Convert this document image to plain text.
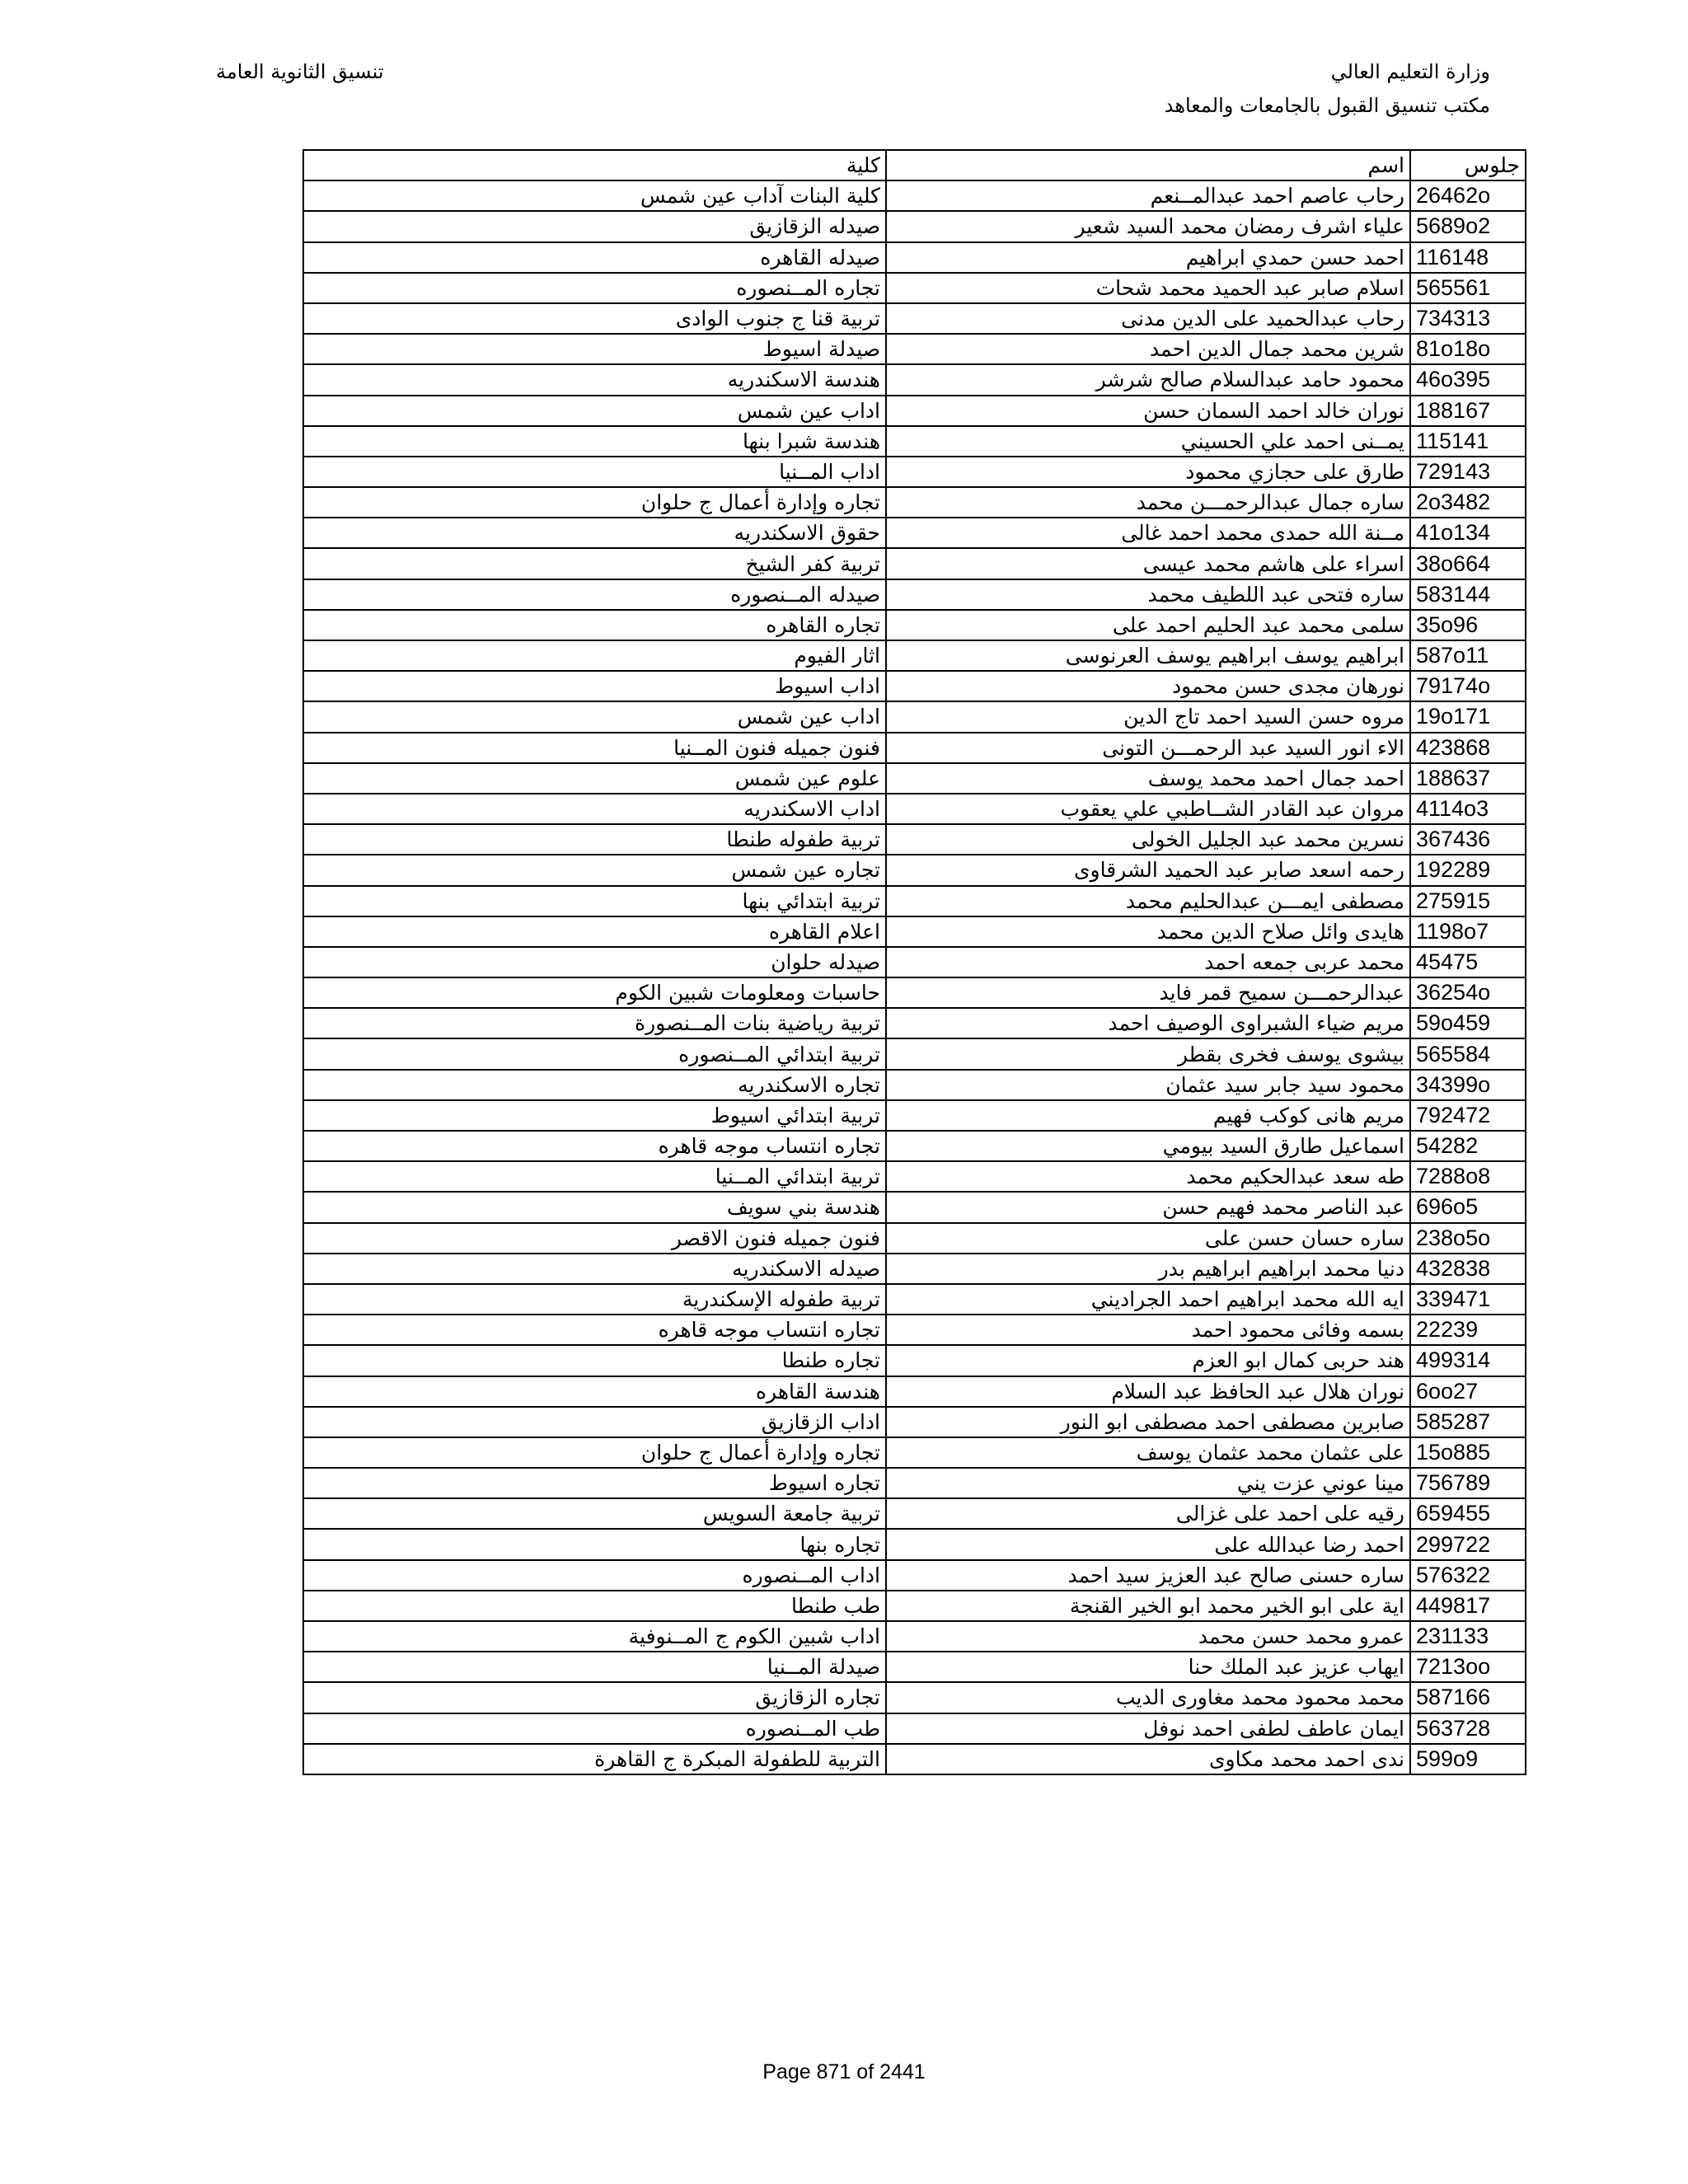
وزارة التعليم العالي
مكتب تنسيق القبول بالجامعات والمعاهد
تنسيق الثانوية العامة
جلوس	اسم	كلية
26462o	رحاب عاصم احمد عبدالمــنعم	كلية البنات آداب عين شمس
5689o2	علياء اشرف رمضان محمد السيد شعير	صيدله الزقازيق
116148	احمد حسن حمدي ابراهيم	صيدله القاهره
565561	اسلام صابر عبد الحميد محمد شحات	تجاره المــنصوره
734313	رحاب عبدالحميد على الدين مدنى	تربية قنا ج جنوب الوادى
81o18o	شرين محمد جمال الدين احمد	صيدلة اسيوط
46o395	محمود حامد عبدالسلام صالح شرشر	هندسة الاسكندريه
188167	نوران خالد احمد السمان حسن	اداب عين شمس
115141	يمــنى احمد علي الحسيني	هندسة شبرا بنها
729143	طارق على حجازي محمود	اداب المــنيا
2o3482	ساره جمال عبدالرحمـــن محمد	تجاره وإدارة أعمال ج حلوان
41o134	مــنة الله حمدى محمد احمد غالى	حقوق الاسكندريه
38o664	اسراء على هاشم محمد عيسى	تربية كفر الشيخ
583144	ساره فتحى عبد اللطيف محمد	صيدله المــنصوره
35o96	سلمى محمد عبد الحليم احمد على	تجاره القاهره
587o11	ابراهيم يوسف ابراهيم يوسف العرنوسى	اثار الفيوم
79174o	نورهان مجدى حسن محمود	اداب اسيوط
19o171	مروه حسن السيد احمد تاج الدين	اداب عين شمس
423868	الاء انور السيد عبد الرحمـــن التونى	فنون جميله فنون المــنيا
188637	احمد جمال احمد محمد يوسف	علوم عين شمس
4114o3	مروان عبد القادر الشــاطبي علي يعقوب	اداب الاسكندريه
367436	نسرين محمد عبد الجليل الخولى	تربية طفوله طنطا
192289	رحمه اسعد صابر عبد الحميد الشرقاوى	تجاره عين شمس
275915	مصطفى ايمـــن عبدالحليم محمد	تربية ابتدائي بنها
1198o7	هايدى وائل صلاح الدين محمد	اعلام القاهره
45475	محمد عربى جمعه احمد	صيدله حلوان
36254o	عبدالرحمـــن سميح قمر فايد	حاسبات ومعلومات شبين الكوم
59o459	مريم ضياء الشبراوى الوصيف احمد	تربية رياضية بنات المــنصورة
565584	بيشوى يوسف فخرى بقطر	تربية ابتدائي المــنصوره
34399o	محمود سيد جابر سيد عثمان	تجاره الاسكندريه
792472	مريم هانى كوكب فهيم	تربية ابتدائي اسيوط
54282	اسماعيل طارق السيد بيومي	تجاره انتساب موجه قاهره
7288o8	طه سعد عبدالحكيم محمد	تربية ابتدائي المــنيا
696o5	عبد الناصر محمد فهيم حسن	هندسة بني سويف
238o5o	ساره حسان حسن على	فنون جميله فنون الاقصر
432838	دنيا محمد ابراهيم ابراهيم بدر	صيدله الاسكندريه
339471	ايه الله محمد ابراهيم احمد الجراديني	تربية طفوله الإسكندرية
22239	بسمه وفائى محمود احمد	تجاره انتساب موجه قاهره
499314	هند حربى كمال ابو العزم	تجاره طنطا
6oo27	نوران هلال عبد الحافظ عبد السلام	هندسة القاهره
585287	صابرين مصطفى احمد مصطفى ابو النور	اداب الزقازيق
15o885	على عثمان محمد عثمان يوسف	تجاره وإدارة أعمال ج حلوان
756789	مينا عوني عزت يني	تجاره اسيوط
659455	رقيه على احمد على غزالى	تربية جامعة السويس
299722	احمد رضا عبدالله على	تجاره بنها
576322	ساره حسنى صالح عبد العزيز سيد احمد	اداب المــنصوره
449817	اية على ابو الخير محمد ابو الخير القنجة	طب طنطا
231133	عمرو محمد حسن محمد	اداب شبين الكوم ج المــنوفية
7213oo	ايهاب عزيز عبد الملك حنا	صيدلة المــنيا
587166	محمد محمود محمد مغاورى الديب	تجاره الزقازيق
563728	ايمان عاطف لطفى احمد نوفل	طب المــنصوره
599o9	ندى احمد محمد مكاوى	التربية للطفولة المبكرة ج القاهرة
Page 871 of 2441
